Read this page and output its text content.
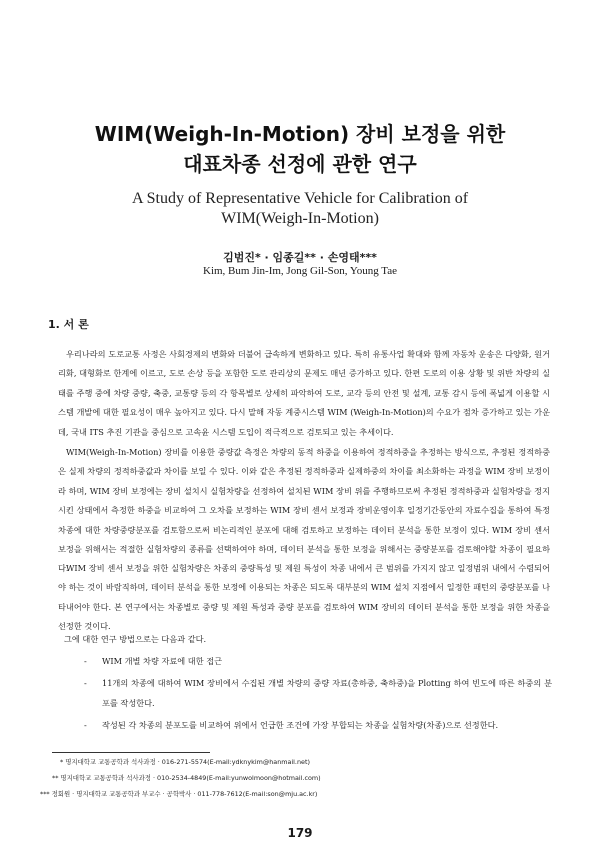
WIM(Weigh-In-Motion) 장비 보정을 위한
대표차종 선정에 관한 연구
A Study of Representative Vehicle for Calibration of
WIM(Weigh-In-Motion)
김범진* · 임종길** · 손영태***
Kim, Bum Jin-Im, Jong Gil-Son, Young Tae
1. 서 론

우리나라의 도로교통 사정은 사회경제의 변화와 더불어 급속하게 변화하고 있다. 특히 유통사업 확대와 함께 자동차 운송은 다양화, 원거리화, 대형화로 한계에 이르고, 도로 손상 등을 포함한 도로 관리상의 문제도 매년 증가하고 있다. 한편 도로의 이용 상황 및 위반 차량의 실태를 주행 중에 차량 중량, 축중, 교통량 등의 각 항목별로 상세히 파악하여 도로, 교각 등의 안전 및 설계, 교통 감시 등에 폭넓게 이용할 시스템 개발에 대한 필요성이 매우 높아지고 있다. 다시 말해 자동 계중시스템 WIM (Weigh-In-Motion)의 수요가 점차 증가하고 있는 가운데, 국내 ITS 추진 기관을 중심으로 고속윤 시스템 도입이 적극적으로 검토되고 있는 추세이다.

WIM(Weigh-In-Motion) 장비를 이용한 중량값 측정은 차량의 동적 하중을 이용하여 정적하중을 추정하는 방식으로, 추정된 정적하중은 실제 차량의 정적하중값과 차이를 보일 수 있다. 이와 같은 추정된 정적하중과 실제하중의 차이를 최소화하는 과정을 WIM 장비 보정이라 하며, WIM 장비 보정에는 장비 설치시 실험차량을 선정하여 설치된 WIM 장비 위를 주행하므로써 추정된 정적하중과 실험차량을 정지시킨 상태에서 측정한 하중을 비교하여 그 오차를 보정하는 WIM 장비 센서 보정과 장비운영이후 일정기간동안의 자료수집을 통하여 특정차종에 대한 차량중량분포를 검토함으로써 비논리적인 분포에 대해 검토하고 보정하는 데이터 분석을 통한 보정이 있다. WIM 장비 센서 보정을 위해서는 적절한 실험차량의 종류를 선택하여야 하며, 데이터 분석을 통한 보정을 위해서는 중량분포를 검토해야할 차종이 필요하다.

WIM 장비 센서 보정을 위한 실험차량은 차종의 중량특성 및 제원 특성이 차종 내에서 큰 범위를 가지지 않고 일정범위 내에서 수렴되어야 하는 것이 바람직하며, 데이터 분석을 통한 보정에 이용되는 차종은 되도록 대부분의 WIM 설치 지점에서 일정한 패턴의 중량분포를 나타내어야 한다. 본 연구에서는 차종별로 중량 및 제원 특성과 중량 분포를 검토하여 WIM 장비의 데이터 분석을 통한 보정을 위한 차종을 선정한 것이다.

그에 대한 연구 방법으로는 다음과 같다.
- WIM 개별 차량 자료에 대한 접근
- 11개의 차종에 대하여 WIM 장비에서 수집된 개별 차량의 중량 자료(총하중, 축하중)을 Plotting 하여 빈도에 따른 하중의 분포를 작성한다.
- 작성된 각 차종의 분포도를 비교하여 위에서 언급한 조건에 가장 부합되는 차종을 실험차량(차종)으로 선정한다.
* 명지대학교 교통공학과 석사과정 · 016-271-5574(E-mail:ydknykim@hanmail.net)
** 명지대학교 교통공학과 석사과정 · 010-2534-4849(E-mail:yunwolmoon@hotmail.com)
*** 정회원 · 명지대학교 교통공학과 부교수 · 공학박사 · 011-778-7612(E-mail:son@mju.ac.kr)
179
